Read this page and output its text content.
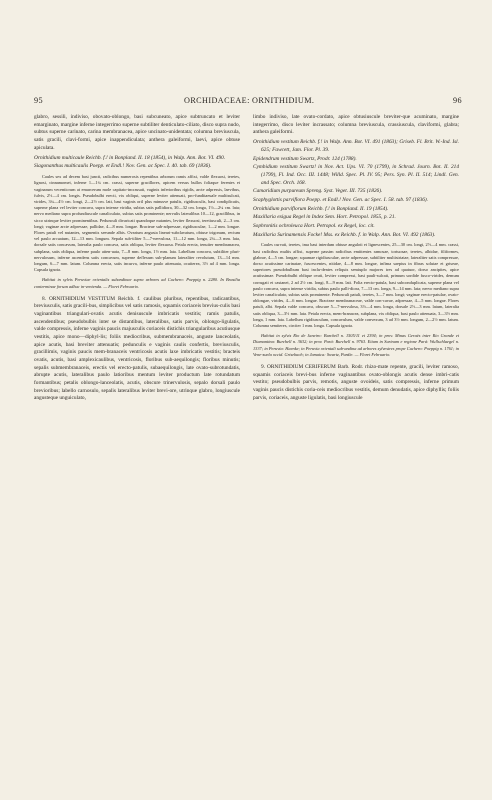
95	ORCHIDACEAE: ORNITHIDIUM.	96

glabro, sessili, indiviso, obovato-oblongo, basi subcuneato, apice subtruncato et leviter emarginato, margine inferne integerrimo superne subtiliter denticulato-ciliato, disco supra nudo, subtus superne carinato, carina membranacea, apice uncinato-unidentata; columna breviuscula, satis gracili, clavi-formi, apice inappendiculata; anthera galeiformi, laevi, apice obtuse apiculata.

Ornithidium multicaule Reichb. f.! in Bonpland. II. 18 (1854), in Walp. Ann. Bot. VI. 490.

Siagonanthus multicaulis Poepp. et Endl.! Nov. Gen. ac Spec. I. 40. tab. 69 (1836).

Caules sex ad decem basi juncti, radicibus numerosis repentibus arborum ramis affixi, valde flexuosi, teretes, lignosi, cinnamomei, inferne 1—1¼ cm. crassi, superne gracillores, apicem versus bullos foliaque ferentes et vaginarum vecenticrum at emarcerum mole capitato-incrassati, vaginis inferioribus rigidis, arcte adpressis, laevibus, fulvis, 2½—4 cm. longis. Pseudobulbi erecti, vix obliqui, superne leviter attenuati, pro-funditaeuale multisulcati, virides, 3¼—4½ cm. longi, 2—2½ cm. lati, basi vaginis oril plus minusve patulis, rigidiusculis, basi condiplicatis, superne plana vel leviter concava, supra intense viridia, subtus satis pallidiora, 30—32 cm. longa, 1½—2¼ cm. lata; nervo mediano supra profundiuscule canaliculato, subtus satis prominente; nervulis lateralibus 10—12, gracillibus, in sicco utrinque leviter prominentibus. Pedunculi divaricati quandoque nutantes, leviter flexuosi, teretiusculi, 2—3 cm. longi; vaginae arcte adpressae, pallidae, 4—8 mm. longae. Bracteae sub-adpressae, rigidiusculae, 1—2 mm. longae. Flores patuli vel nutantes, segmentis seeunde albis. Ovarium angusta lineari-subclavatum, obtuse trigonum, rectum vel paulo arcuatum, 12—13 mm. longum. Sepala sub-tiliter 5—7-nervulosa, 11—12 mm. longa, 2¼—3 mm. lata, dorsale satis concavum, lateralia paulo concava, satis obliqua, leviter flexuosa. Petala erecta, tenuiter membranacea, subplana, satis obliqua, inferne paulo atten-uata, 7—8 mm. longa, 1½ mm. lata. Labellum concava, subtiliter pluri-nervulosum, inferne ascendens satis concavum, superne deflexum sub-planum lateraliter revolutum, 13—14 mm. longum, 6—7 mm. latum. Columna erecta, satis incurva, inferne paulo attenuata, ocuiterea, 3½ ad 4 mm. longa. Capsula ignota.

Habitat in sylvis Peruviae orientalis subandinae supra arbores ad Cuchero: Poeppig n. 2280. In Brasilia conterminae forsan adhuc in-venienda. — Floret Februario.

8. ORNITHIDIUM VESTITUM Reichb. f. caulibus pluribus, repentibus, radicantibus, breviusculis, satis gracili-bus, simplicibus vel satis ramosis, squamis coriaceis brevius-culis basi vaginantibus triangulari-ovatis acutis denisuscule imbricatis vestitis; ramis patulis, ascendentibus; pseudobulbis inter se distantibus, lateralibus, satis parvis, oblongo-ligulatis, valde compressis, inferne vaginis paucis majusculis coriaceis distichis triangularibus acutiusque vestitis, apice mono—diphyl-lis; foliis mediocribus, submembranaceis, anguste lanceolatis, apice acutis, basi breviter attenuatis; pedunculis e vaginis caulis confertis, breviusculis, gracillimis, vaginis paucis mem-branaceis ventricosis acutis laxe imbricatis vestitis; bracteis ovatis, acutis, basi amplexicaulibus, ventricosis, floribus sub-aequilongis; floribus minutis; sepalis submembranaceis, erectis vel erecto-patulis, subaequilongis, late ovato-subrotundatis, abrupte acutis, lateralibus paulo latioribus mentum leviter productum late rotundatum formantibus; petalis oblongo-lanceolatis, acutis, obscure trinervulosis, sepalo dorsali paulo brevioribus; labello carnosulo, sepalis lateralibus leviter brevi-ore, utrinque glabro, longiuscule angusteque unguiculato,

limbo indiviso, late ovato-cordato, apice obtusiuscule breviter-que acuminato, margine integerrimo, disco leviter incrassato; columna breviuscula, crassiuscula, claviformi, glabra; anthera galeiformi.

Ornithidium vestitum Reichb. f.! in Walp. Ann. Bot. VI. 491 (1863); Griseb. Fl. Brit. W.-Ind. Isl. 625; Fawcett, Jam. Flor. Pl. 39.

Epidendrum vestitum Swartz, Prodr. 124 (1788).

Cymbidium vestitum Swartz! in Nov. Act. Ups. VI. 70 (1799), in Schrad. Journ. Bot. II. 214 (1799), Fl. Ind. Occ. III. 1448; Willd. Spec. Pl. IV. 95; Pers. Syn. Pl. II. 514; Lindl. Gen. and Spec. Orch. 168.

Camaridium purpureum Spreng. Syst. Veget. III. 735 (1826).

Scaphyglottis parviflora Poepp. et Endl.! Nov. Gen. ac Spec. I. 58. tab. 97 (1836).

Ornithidium parviflorum Reichb. f.! in Bonpland. II. 19 (1854).

Maxillaria exigua Regel in Index Sem. Hort. Petropol. 1855, p. 21.

Sophronitis ochroleuca Hort. Petropol. ex Regel, loc. cit.

Maxillaria Surinamensis Focke! Mss. ex Reichb. f. in Walp. Ann. Bot. VI. 492 (1863).

Caules curvati, teretes, ima basi interdum obtuse anguloti et lignescentes, 25—30 cm. longi, 2½—4 mm. crassi, basi radicibus multis affixi, superne passim radicibus emittentes ramosae, tortuosae, teretes, albidae, filiformes, glabrae, 4—5 cm. longae; squamae rigidiusculae, arcte adpressae, subtiliter multistriatae, lateraliter satis compressae, dorso acutissime carinatae, fuscescentes, nitidae, 4—8 mm. longae, infima saepius in fibras solutae et griseae, superiores pseudobulbum basi inclu-dentes reliquis semiuplo majores tres ad quatuor, dorso ancipites, apice acutissimae. Pseudobulbi oblique ovati, leviter compressi, basi pauli-sulcati, primum sordide fusco-virides, demum corrugati et castanei, 2 ad 2½ cm. longi, 8—9 mm. lati. Folia erecto-patula, basi subconduplicata, superne plana vel paulo concava, supra intense viridia, subtus paulo palli-diora, 7—13 cm. longa, 9—14 mm. lata; nervo mediano supra leviter canaliculato, subtus satis prominente. Pedunculi patuli, teretes, 3—7 mm. longi; vaginae erecto-patulae, ovato-oblongae, virides, 4—6 mm. longae. Bracteae membranaceae, valde con-cavae, adpressae, 4—5 mm. longae. Flores patuli, albi. Sepala valde concava, obscure 5—7-nervulosa, 3½—4 mm. longa, dorsale 2½—3 mm. latum, lateralia satis obliqua, 3—3½ mm. lata. Petala erecta, mem-branacea, subplana, vix obliqua, basi paulo attenuata, 3—3½ mm. longa, 1 mm. lata. Labellum rigidiusculum, concavulum, valde convexum, 3 ad 3½ mm. longum, 2—2½ mm. latum. Columna semiteres, circiter 1 mm. longa. Capsula ignota.

Habitat in sylvis Rio de Janeiro: Burchell n. 1505/11 et 2394; in prov. Minas Geraës inter Rio Grande et Diamantina: Burchell n. 3632; in prov. Pará: Burchell n. 9763. Etiam in Surinam e regione Pará: Wullschlaegel n. 1337; in Peruvia: Haenke; in Peruvia orientali sub-andina ad arbores sylvestres prope Cuchero: Poeppig n. 1761; in Vene-zuela occid. Grisebach; in Jamaica: Swartz, Purdie. — Floret Februario.

9. ORNITHIDIUM CERIFERUM Barb. Rodr. rhizo-mate repente, gracili, leviter ramoso, squamis coriaceis brevi-bus inferne vaginantibus ovato-oblongis acutis dense imbri-catis vestito; pseudobulbis parvis, remotis, anguste ovoideis, satis compressis, inferne primum vaginis paucis distichis coria-ceis mediocribus vestitis, demum denudatis, apice diphyllis; foliis parvis, coriaceis, anguste ligulatis, basi longiuscule
